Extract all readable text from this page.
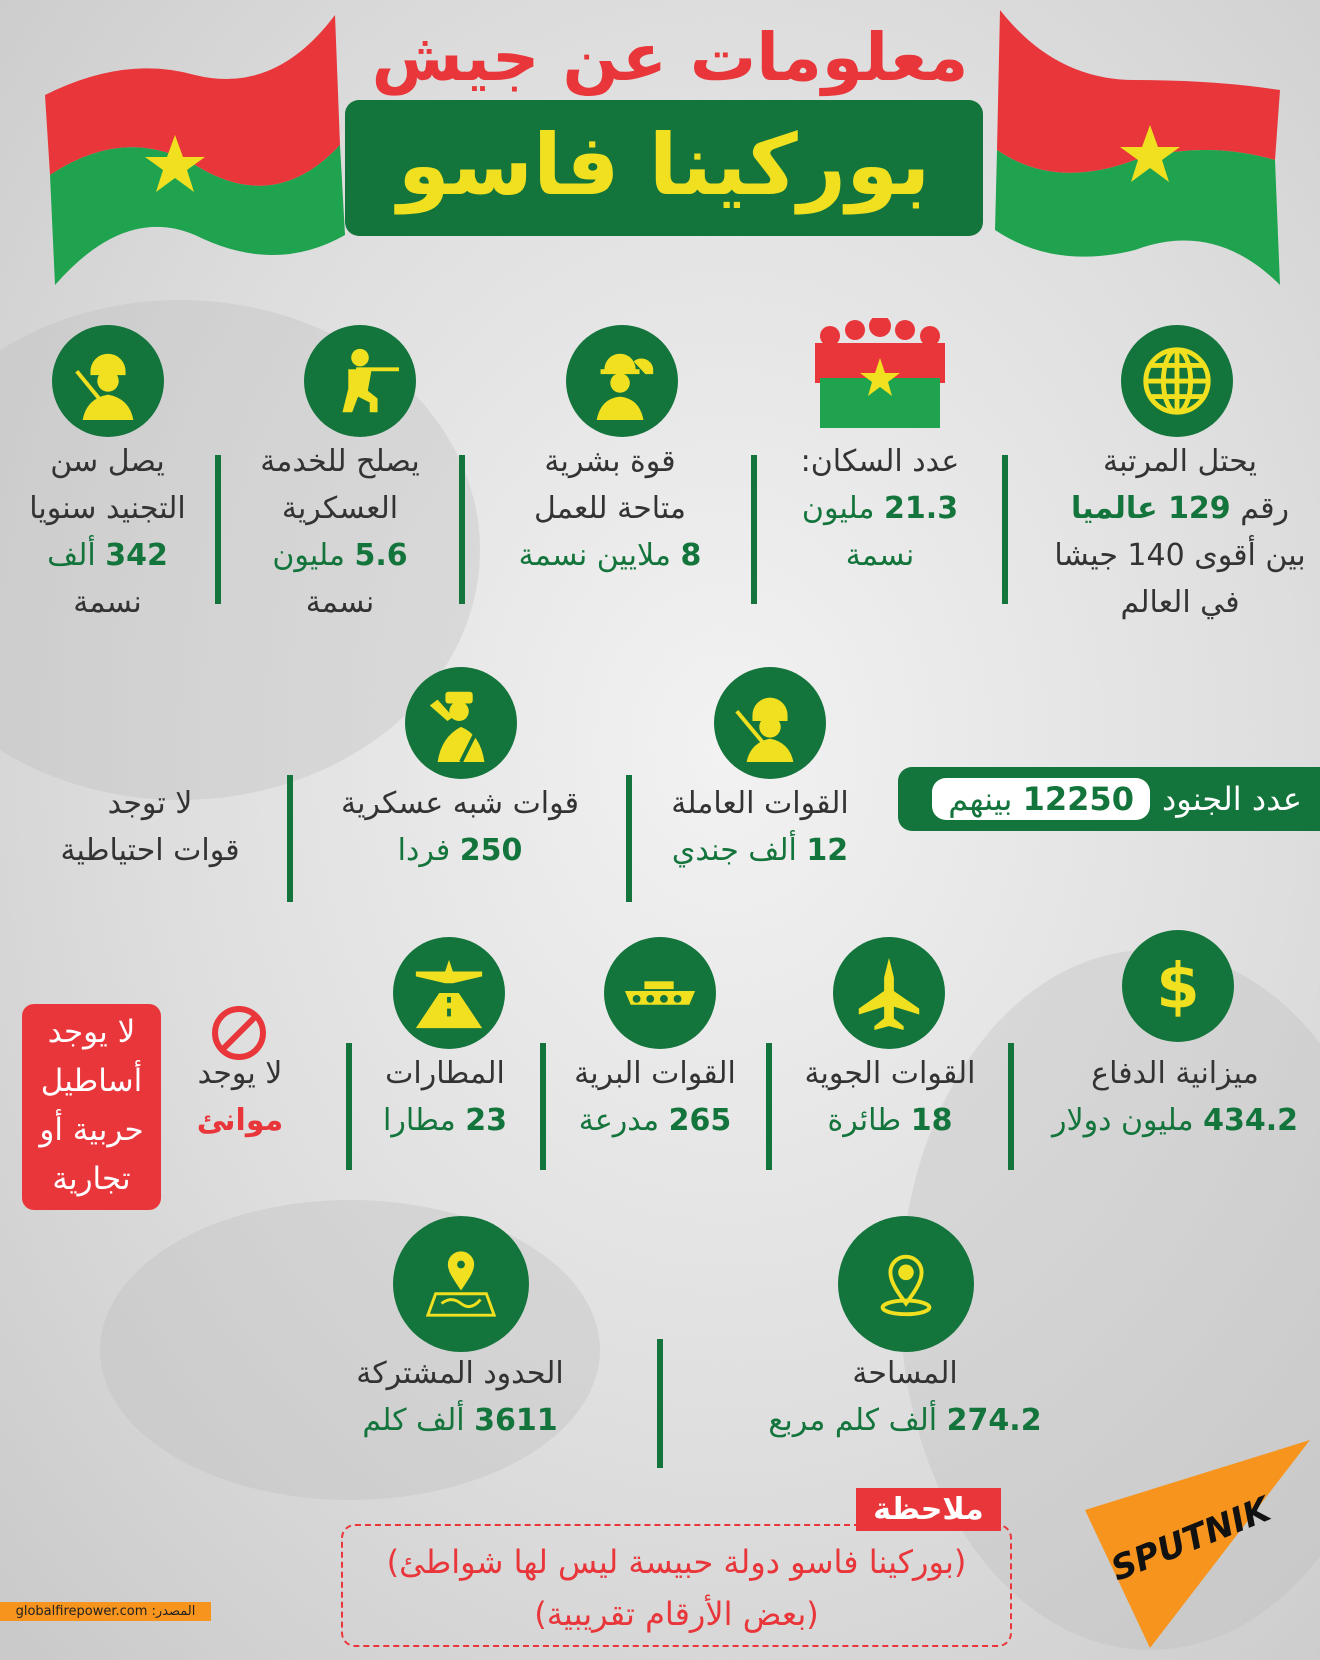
معلومات عن جيش
بوركينا فاسو
يحتل المرتبة
رقم 129 عالميا
بين أقوى 140 جيشا
في العالم
عدد السكان:
21.3 مليون
نسمة
قوة بشرية
متاحة للعمل
8 ملايين نسمة
يصلح للخدمة
العسكرية
5.6 مليون
نسمة
يصل سن
التجنيد سنويا
342 ألف
نسمة
عدد الجنود
12250 بينهم
القوات العاملة
12 ألف جندي
قوات شبه عسكرية
250 فردا
لا توجد
قوات احتياطية
$
ميزانية الدفاع
434.2 مليون دولار
القوات الجوية
18 طائرة
القوات البرية
265 مدرعة
المطارات
23 مطارا
لا يوجد
موانئ
لا يوجد
أساطيل
حربية أو
تجارية
المساحة
274.2 ألف كلم مربع
الحدود المشتركة
3611 ألف كلم
(بوركينا فاسو دولة حبيسة ليس لها شواطئ)
(بعض الأرقام تقريبية)
ملاحظة
المصدر: globalfirepower.com
SPUTNIK
